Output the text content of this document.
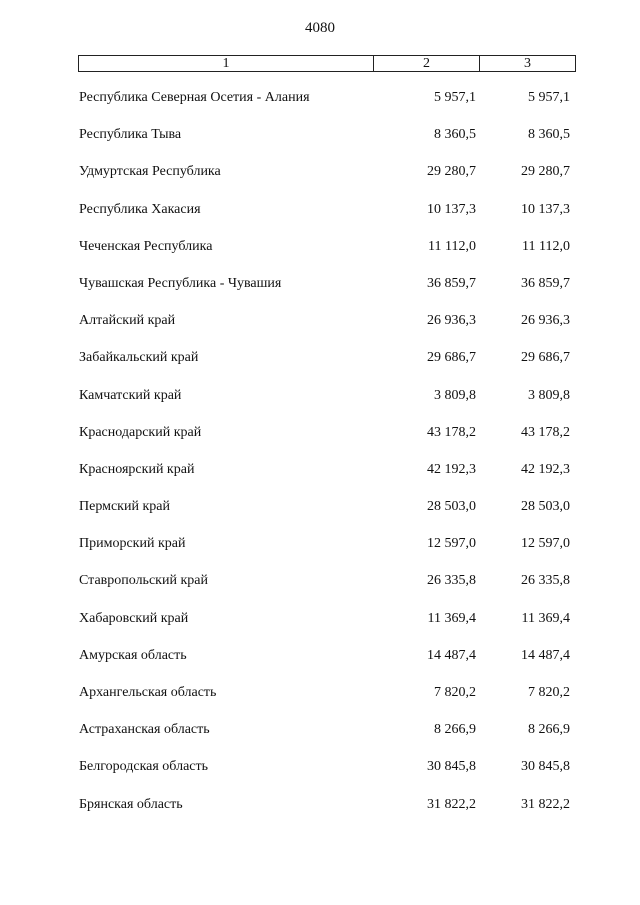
4080
1	2	3
Республика Северная Осетия - Алания	5 957,1	5 957,1
Республика Тыва	8 360,5	8 360,5
Удмуртская Республика	29 280,7	29 280,7
Республика Хакасия	10 137,3	10 137,3
Чеченская Республика	11 112,0	11 112,0
Чувашская Республика - Чувашия	36 859,7	36 859,7
Алтайский край	26 936,3	26 936,3
Забайкальский край	29 686,7	29 686,7
Камчатский край	3 809,8	3 809,8
Краснодарский край	43 178,2	43 178,2
Красноярский край	42 192,3	42 192,3
Пермский край	28 503,0	28 503,0
Приморский край	12 597,0	12 597,0
Ставропольский край	26 335,8	26 335,8
Хабаровский край	11 369,4	11 369,4
Амурская область	14 487,4	14 487,4
Архангельская область	7 820,2	7 820,2
Астраханская область	8 266,9	8 266,9
Белгородская область	30 845,8	30 845,8
Брянская область	31 822,2	31 822,2
